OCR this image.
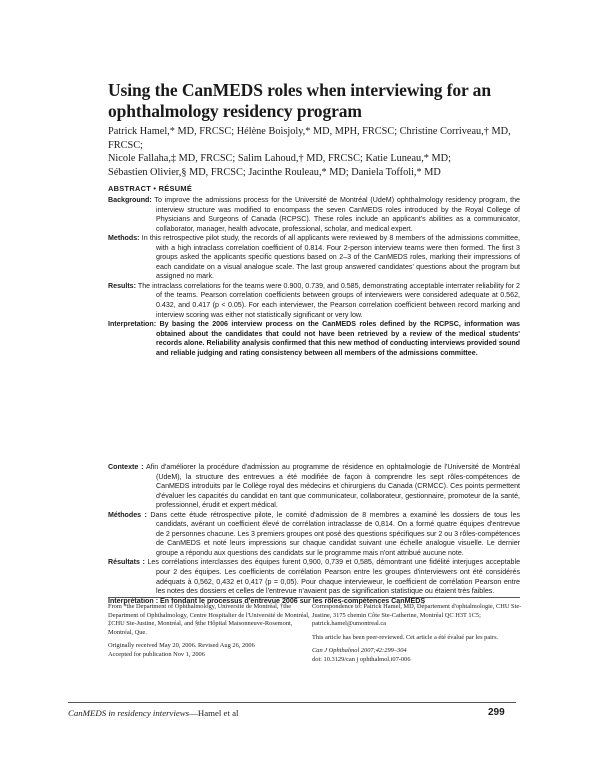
Using the CanMEDS roles when interviewing for an ophthalmology residency program
Patrick Hamel,* MD, FRCSC; Hélène Boisjoly,* MD, MPH, FRCSC; Christine Corriveau,† MD, FRCSC;
Nicole Fallaha,‡ MD, FRCSC; Salim Lahoud,† MD, FRCSC; Katie Luneau,* MD;
Sébastien Olivier,§ MD, FRCSC; Jacinthe Rouleau,* MD; Daniela Toffoli,* MD
ABSTRACT • RÉSUMÉ

Background: To improve the admissions process for the Université de Montréal (UdeM) ophthalmology residency program, the interview structure was modified to encompass the seven CanMEDS roles introduced by the Royal College of Physicians and Surgeons of Canada (RCPSC). These roles include an applicant's abilities as a communicator, collaborator, manager, health advocate, professional, scholar, and medical expert.

Methods: In this retrospective pilot study, the records of all applicants were reviewed by 8 members of the admissions committee, with a high intraclass correlation coefficient of 0.814. Four 2-person interview teams were then formed. The first 3 groups asked the applicants specific questions based on 2–3 of the CanMEDS roles, marking their impressions of each candidate on a visual analogue scale. The last group answered candidates' questions about the program but assigned no mark.

Results: The intraclass correlations for the teams were 0.900, 0.739, and 0.585, demonstrating acceptable interrater reliability for 2 of the teams. Pearson correlation coefficients between groups of interviewers were considered adequate at 0.562, 0.432, and 0.417 (p < 0.05). For each interviewer, the Pearson correlation coefficient between record marking and interview scoring was either not statistically significant or very low.

Interpretation: By basing the 2006 interview process on the CanMEDS roles defined by the RCPSC, information was obtained about the candidates that could not have been retrieved by a review of the medical students' records alone. Reliability analysis confirmed that this new method of conducting interviews provided sound and reliable judging and rating consistency between all members of the admissions committee.

Contexte : Afin d'améliorer la procédure d'admission au programme de résidence en ophtalmologie de l'Université de Montréal (UdeM), la structure des entrevues a été modifiée de façon à comprendre les sept rôles-compétences de CanMEDS introduits par le Collège royal des médecins et chirurgiens du Canada (CRMCC). Ces points permettent d'évaluer les capacités du candidat en tant que communicateur, collaborateur, gestionnaire, promoteur de la santé, professionnel, érudit et expert médical.

Méthodes : Dans cette étude rétrospective pilote, le comité d'admission de 8 membres a examiné les dossiers de tous les candidats, avérant un coefficient élevé de corrélation intraclasse de 0,814. On a formé quatre équipes d'entrevue de 2 personnes chacune. Les 3 premiers groupes ont posé des questions spécifiques sur 2 ou 3 rôles-compétences de CanMEDS et noté leurs impressions sur chaque candidat suivant une échelle analogue visuelle. Le dernier groupe a répondu aux questions des candidats sur le programme mais n'ont attribué aucune note.

Résultats : Les corrélations interclasses des équipes furent 0,900, 0,739 et 0,585, démontrant une fidélité interjuges acceptable pour 2 des équipes. Les coefficients de corrélation Pearson entre les groupes d'interviewers ont été considérés adéquats à 0,562, 0,432 et 0,417 (p = 0,05). Pour chaque intervieweur, le coefficient de corrélation Pearson entre les notes des dossiers et celles de l'entrevue n'avaient pas de signification statistique ou étaient très faibles.

Interprétation : En fondant le processus d'entrevue 2006 sur les rôles-compétences CanMEDS

From *the Department of Ophthalmology, Université de Montréal, †the Department of Ophthalmology, Centre Hospitalier de l'Université de Montréal, ‡CHU Ste-Justine, Montréal, and §the Hôpital Maisonneuve-Rosemont, Montréal, Que.

Originally received May 20, 2006. Revised Aug 26, 2006
Accepted for publication Nov 1, 2006

Correspondence to: Patrick Hamel, MD, Département d'ophtalmologie, CHU Ste-Justine, 3175 chemin Côte Ste-Catherine, Montréal QC H3T 1C5; patrick.hamel@umontreal.ca

This article has been peer-reviewed. Cet article a été évalué par les pairs.

Can J Ophthalmol 2007;42:299–304
doi: 10.3129/can j ophthalmol.i07-006
CanMEDS in residency interviews—Hamel et al	299
